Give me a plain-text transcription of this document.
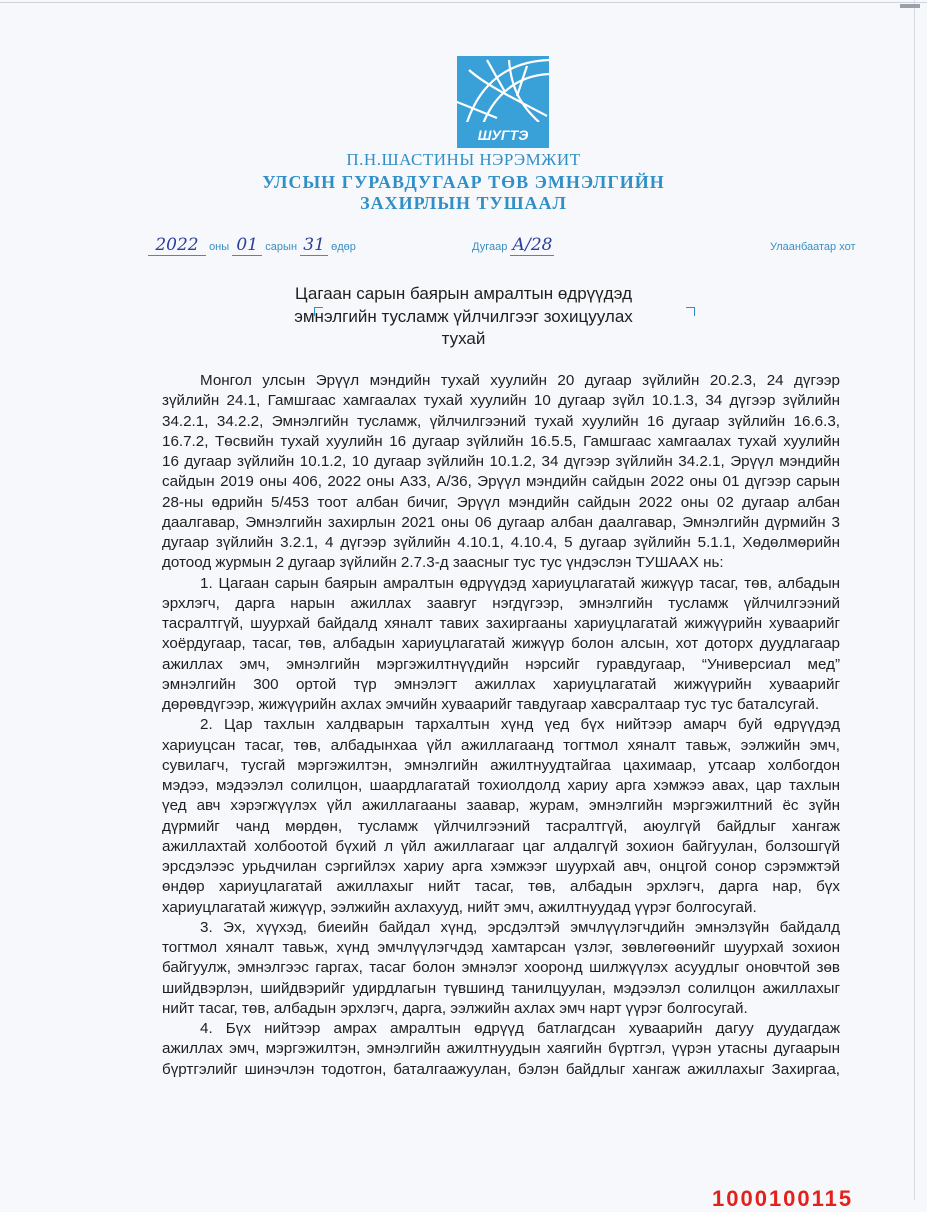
ШУГТЭ
П.Н.ШАСТИНЫ НЭРЭМЖИТ
УЛСЫН ГУРАВДУГААР ТӨВ ЭМНЭЛГИЙН
ЗАХИРЛЫН ТУШААЛ
2022 оны 01 сарын 31 өдөр	Дугаар А/28	Улаанбаатар хот
Цагаан сарын баярын амралтын өдрүүдэд
эмнэлгийн тусламж үйлчилгээг зохицуулах
тухай
Монгол улсын Эрүүл мэндийн тухай хуулийн 20 дугаар зүйлийн 20.2.3, 24 дүгээр
зүйлийн 24.1, Гамшгаас хамгаалах тухай хуулийн 10 дугаар зүйл 10.1.3, 34 дүгээр зүйлийн
34.2.1, 34.2.2, Эмнэлгийн тусламж, үйлчилгээний тухай хуулийн 16 дугаар зүйлийн 16.6.3,
16.7.2, Төсвийн тухай хуулийн 16 дугаар зүйлийн 16.5.5, Гамшгаас хамгаалах тухай хуулийн
16 дугаар зүйлийн 10.1.2, 10 дугаар зүйлийн 10.1.2, 34 дүгээр зүйлийн 34.2.1, Эрүүл мэндийн
сайдын 2019 оны 406, 2022 оны А33, А/36, Эрүүл мэндийн сайдын 2022 оны 01 дүгээр сарын
28-ны өдрийн 5/453 тоот албан бичиг, Эрүүл мэндийн сайдын 2022 оны 02 дугаар албан
даалгавар, Эмнэлгийн захирлын 2021 оны 06 дугаар албан даалгавар, Эмнэлгийн дүрмийн 3
дугаар зүйлийн 3.2.1, 4 дүгээр зүйлийн 4.10.1, 4.10.4, 5 дугаар зүйлийн 5.1.1, Хөдөлмөрийн
дотоод журмын 2 дугаар зүйлийн 2.7.3-д заасныг тус тус үндэслэн ТУШААХ нь:
1. Цагаан сарын баярын амралтын өдрүүдэд хариуцлагатай жижүүр тасаг, төв, албадын
эрхлэгч, дарга нарын ажиллах заавryг нэгдүгээр, эмнэлгийн тусламж үйлчилгээний
тасралтгүй, шуурхай байдалд хяналт тавих захиргааны хариуцлагатай жижүүрийн хуваарийг
хоёрдугаар, тасаг, төв, албадын хариуцлагатай жижүүр болон алсын, хот доторх дуудлагаар
ажиллах эмч, эмнэлгийн мэргэжилтнүүдийн нэрсийг гуравдугаар, “Универсиал мед”
эмнэлгийн 300 ортой түр эмнэлэгт ажиллах хариуцлагатай жижүүрийн хуваарийг
дөрөвдүгээр, жижүүрийн ахлах эмчийн хуваарийг тавдугаар хавсралтаар тус тус баталсугай.
2. Цар тахлын халдварын тархалтын хүнд үед бүх нийтээр амарч буй өдрүүдэд
хариуцсан тасаг, төв, албадынхаа үйл ажиллагаанд тогтмол хяналт тавьж, ээлжийн эмч,
сувилагч, тусгай мэргэжилтэн, эмнэлгийн ажилтнуудтайгаа цахимаар, утсаар холбогдон
мэдээ, мэдээлэл солилцон, шаардлагатай тохиолдолд хариу арга хэмжээ авах, цар тахлын
үед авч хэрэгжүүлэх үйл ажиллагааны заавар, журам, эмнэлгийн мэргэжилтний ёс зүйн
дүрмийг чанд мөрдөн, тусламж үйлчилгээний тасралтгүй, аюулгүй байдлыг хангаж
ажиллахтай холбоотой бүхий л үйл ажиллагааг цаг алдалгүй зохион байгуулан, болзошгүй
эрсдэлээс урьдчилан сэргийлэх хариу арга хэмжээг шуурхай авч, онцгой сонор сэрэмжтэй
өндөр хариуцлагатай ажиллахыг нийт тасаг, төв, албадын эрхлэгч, дарга нар, бүх
хариуцлагатай жижүүр, ээлжийн ахлахууд, нийт эмч, ажилтнуудад үүрэг болгосугай.
3. Эх, хүүхэд, биеийн байдал хүнд, эрсдэлтэй эмчлүүлэгчдийн эмнэлзүйн байдалд
тогтмол хяналт тавьж, хүнд эмчлүүлэгчдэд хамтарсан үзлэг, зөвлөгөөнийг шуурхай зохион
байгуулж, эмнэлгээс гаргах, тасаг болон эмнэлэг хооронд шилжүүлэх асуудлыг оновчтой зөв
шийдвэрлэн, шийдвэрийг удирдлагын түвшинд танилцуулан, мэдээлэл солилцон ажиллахыг
нийт тасаг, төв, албадын эрхлэгч, дарга, ээлжийн ахлах эмч нарт үүрэг болгосугай.
4. Бүх нийтээр амрах амралтын өдрүүд батлагдсан хуваарийн дагуу дуудагдаж
ажиллах эмч, мэргэжилтэн, эмнэлгийн ажилтнуудын хаягийн бүртгэл, үүрэн утасны дугаарын
бүртгэлийг шинэчлэн тодотгон, баталгаажуулан, бэлэн байдлыг хангаж ажиллахыг Захиргаа,
1000100115
